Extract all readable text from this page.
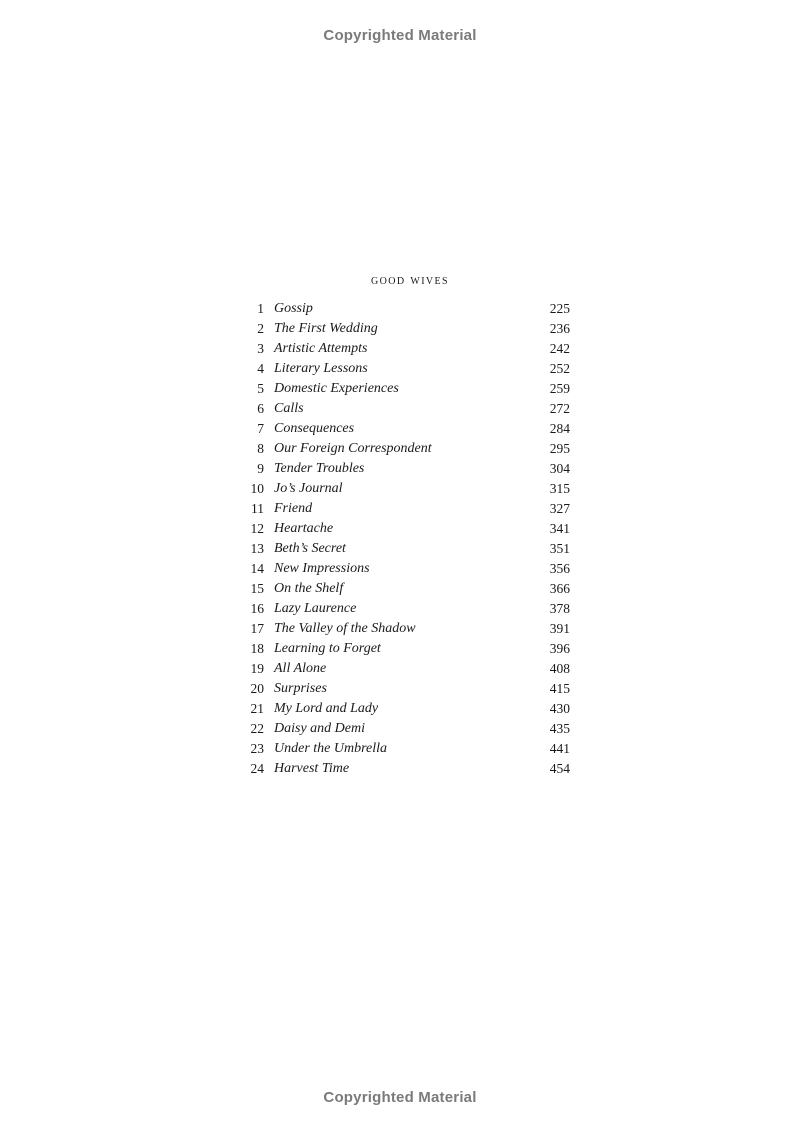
Copyrighted Material
good wives
1 Gossip	225
2 The First Wedding	236
3 Artistic Attempts	242
4 Literary Lessons	252
5 Domestic Experiences	259
6 Calls	272
7 Consequences	284
8 Our Foreign Correspondent	295
9 Tender Troubles	304
10 Jo’s Journal	315
11 Friend	327
12 Heartache	341
13 Beth’s Secret	351
14 New Impressions	356
15 On the Shelf	366
16 Lazy Laurence	378
17 The Valley of the Shadow	391
18 Learning to Forget	396
19 All Alone	408
20 Surprises	415
21 My Lord and Lady	430
22 Daisy and Demi	435
23 Under the Umbrella	441
24 Harvest Time	454
Copyrighted Material
